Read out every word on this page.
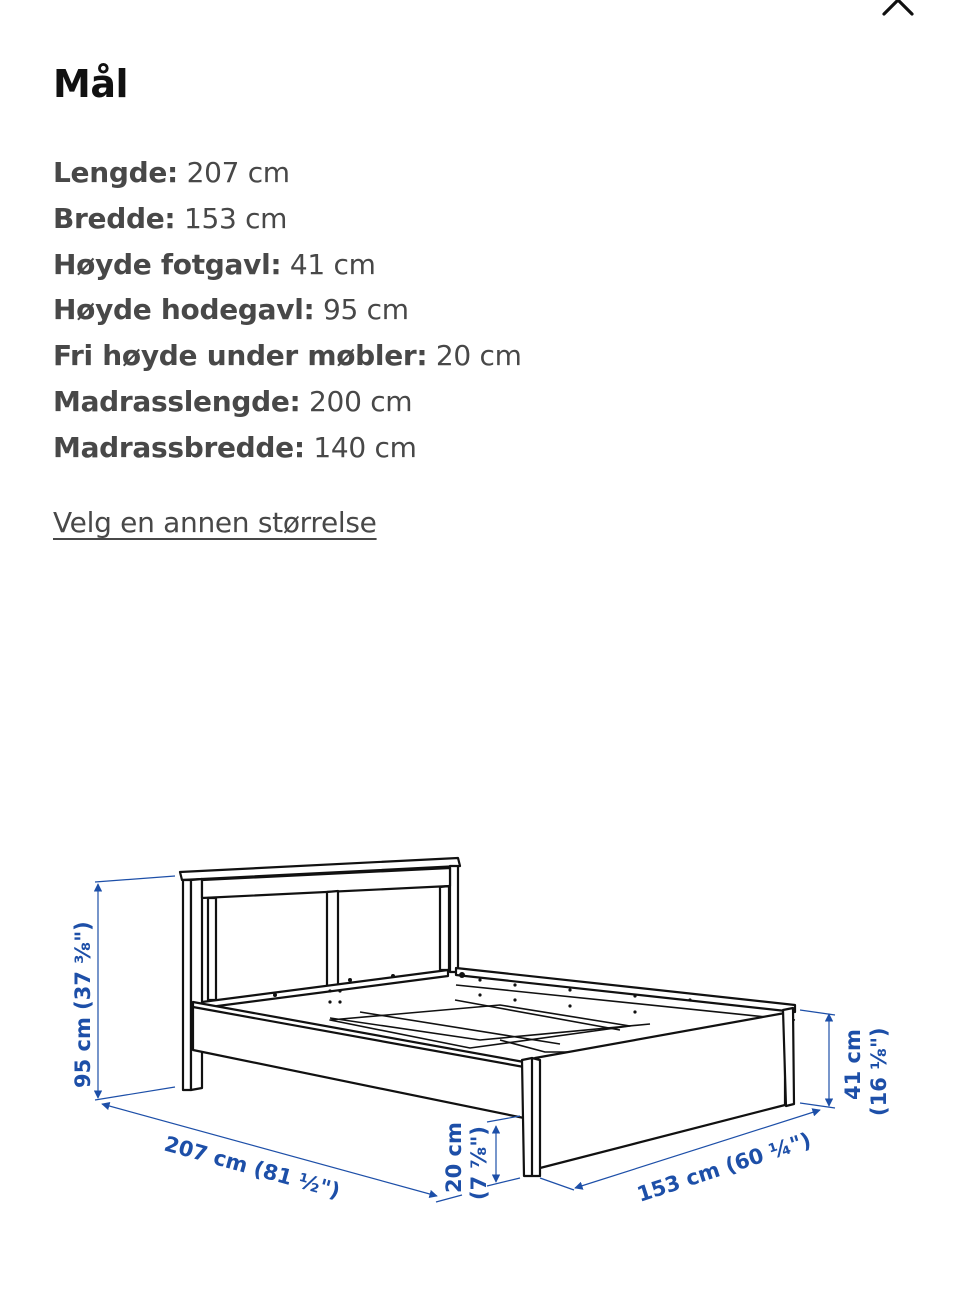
Mål
Lengde: 207 cm
Bredde: 153 cm
Høyde fotgavl: 41 cm
Høyde hodegavl: 95 cm
Fri høyde under møbler: 20 cm
Madrasslengde: 200 cm
Madrassbredde: 140 cm
Velg en annen størrelse
95 cm (37 ³⁄₈")
207 cm (81 ½")	20 cm (7 ⁷⁄₈")	153 cm (60 ¼")
41 cm (16 ¹⁄₈")
